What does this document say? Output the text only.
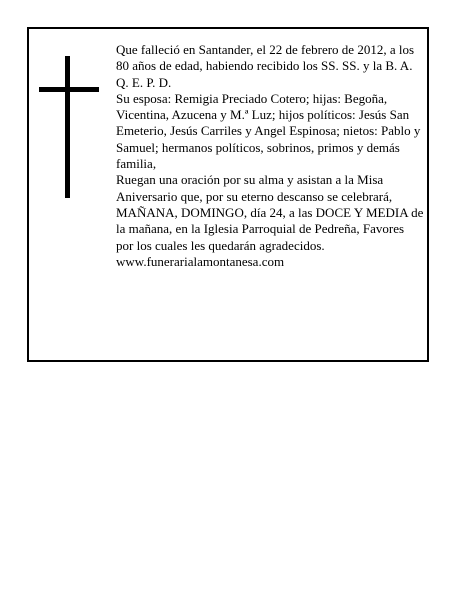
Que falleció en Santander, el 22 de febrero de 2012, a los 80 años de edad, habiendo recibido los SS. SS. y la B. A.

Q. E. P. D.

Su esposa: Remigia Preciado Cotero; hijas: Begoña, Vicentina, Azucena y M.ª Luz; hijos políticos: Jesús San Emeterio, Jesús Carriles y Angel Espinosa; nietos: Pablo y Samuel; hermanos políticos, sobrinos, primos y demás familia,

Ruegan una oración por su alma y asistan a la Misa Aniversario que, por su eterno descanso se celebrará, MAÑANA, DOMINGO, día 24, a las DOCE Y MEDIA de la mañana, en la Iglesia Parroquial de Pedreña, Favores por los cuales les quedarán agradecidos.

www.funerarialamontanesa.com
